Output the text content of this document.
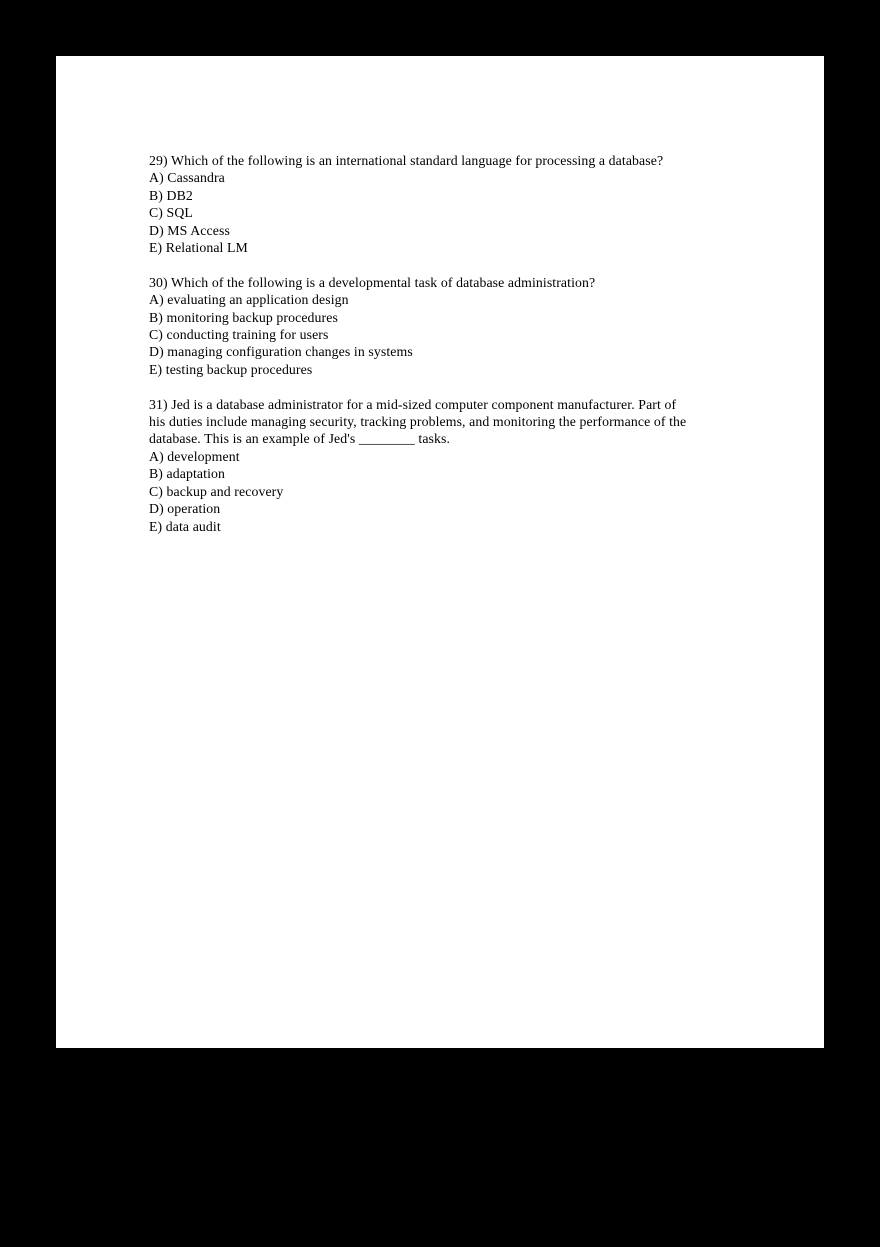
29) Which of the following is an international standard language for processing a database?
A) Cassandra
B) DB2
C) SQL
D) MS Access
E) Relational LM
30) Which of the following is a developmental task of database administration?
A) evaluating an application design
B) monitoring backup procedures
C) conducting training for users
D) managing configuration changes in systems
E) testing backup procedures
31) Jed is a database administrator for a mid-sized computer component manufacturer. Part of
his duties include managing security, tracking problems, and monitoring the performance of the
database. This is an example of Jed's ________ tasks.
A) development
B) adaptation
C) backup and recovery
D) operation
E) data audit
